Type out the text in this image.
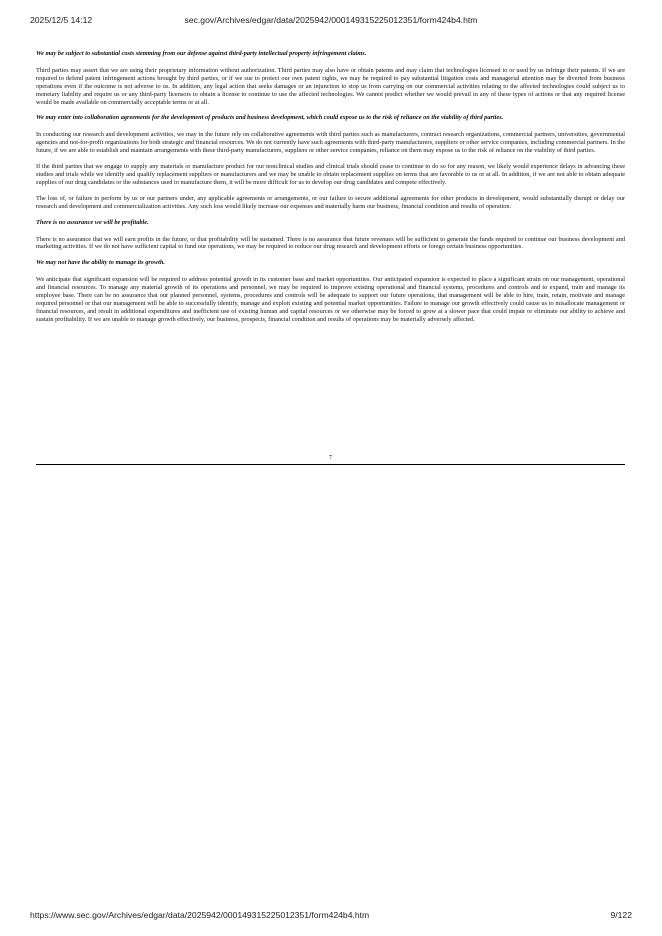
2025/12/5 14:12	sec.gov/Archives/edgar/data/2025942/000149315225012351/form424b4.htm

We may be subject to substantial costs stemming from our defense against third-party intellectual property infringement claims.

Third parties may assert that we are using their proprietary information without authorization. Third parties may also have or obtain patents and may claim that technologies licensed to or used by us infringe their patents. If we are required to defend patent infringement actions brought by third parties, or if we sue to protect our own patent rights, we may be required to pay substantial litigation costs and managerial attention may be diverted from business operations even if the outcome is not adverse to us. In addition, any legal action that seeks damages or an injunction to stop us from carrying on our commercial activities relating to the affected technologies could subject us to monetary liability and require us or any third-party licensors to obtain a license to continue to use the affected technologies. We cannot predict whether we would prevail in any of these types of actions or that any required license would be made available on commercially acceptable terms or at all.

We may enter into collaboration agreements for the development of products and business development, which could expose us to the risk of reliance on the viability of third parties.

In conducting our research and development activities, we may in the future rely on collaborative agreements with third parties such as manufacturers, contract research organizations, commercial partners, universities, governmental agencies and not-for-profit organizations for both strategic and financial resources. We do not currently have such agreements with third-party manufacturers, suppliers or other service companies, including commercial partners. In the future, if we are able to establish and maintain arrangements with these third-party manufacturers, suppliers or other service companies, reliance on them may expose us to the risk of reliance on the viability of third parties.

If the third parties that we engage to supply any materials or manufacture product for our nonclinical studies and clinical trials should cease to continue to do so for any reason, we likely would experience delays in advancing these studies and trials while we identify and qualify replacement suppliers or manufacturers and we may be unable to obtain replacement supplies on terms that are favorable to us or at all. In addition, if we are not able to obtain adequate supplies of our drug candidates or the substances used to manufacture them, it will be more difficult for us to develop our drug candidates and compete effectively.

The loss of, or failure to perform by us or our partners under, any applicable agreements or arrangements, or our failure to secure additional agreements for other products in development, would substantially disrupt or delay our research and development and commercialization activities. Any such loss would likely increase our expenses and materially harm our business, financial condition and results of operation.

There is no assurance we will be profitable.

There is no assurance that we will earn profits in the future, or that profitability will be sustained. There is no assurance that future revenues will be sufficient to generate the funds required to continue our business development and marketing activities. If we do not have sufficient capital to fund our operations, we may be required to reduce our drug research and development efforts or forego certain business opportunities.

We may not have the ability to manage its growth.

We anticipate that significant expansion will be required to address potential growth in its customer base and market opportunities. Our anticipated expansion is expected to place a significant strain on our management, operational and financial resources. To manage any material growth of its operations and personnel, we may be required to improve existing operational and financial systems, procedures and controls and to expand, train and manage its employee base. There can be no assurance that our planned personnel, systems, procedures and controls will be adequate to support our future operations, that management will be able to hire, train, retain, motivate and manage required personnel or that our management will be able to successfully identify, manage and exploit existing and potential market opportunities. Failure to manage our growth effectively could cause us to misallocate management or financial resources, and result in additional expenditures and inefficient use of existing human and capital resources or we otherwise may be forced to grow at a slower pace that could impair or eliminate our ability to achieve and sustain profitability. If we are unable to manage growth effectively, our business, prospects, financial condition and results of operations may be materially adversely affected.

7
https://www.sec.gov/Archives/edgar/data/2025942/000149315225012351/form424b4.htm	9/122
